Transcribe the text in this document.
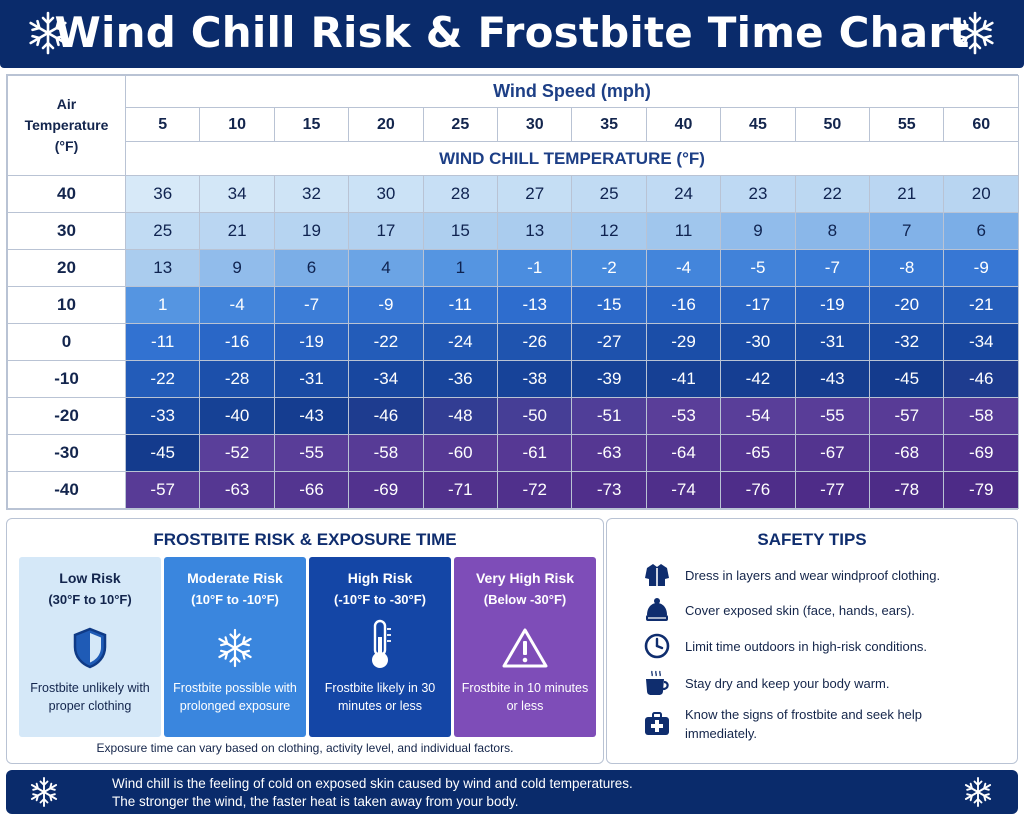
Wind Chill Risk & Frostbite Time Chart
Air
Temperature
(°F)	Wind Speed (mph)											
	5	10	15	20	25	30	35	40	45	50	55	60
	WIND CHILL TEMPERATURE (°F)											
40	36	34	32	30	28	27	25	24	23	22	21	20
30	25	21	19	17	15	13	12	11	9	8	7	6
20	13	9	6	4	1	-1	-2	-4	-5	-7	-8	-9
10	1	-4	-7	-9	-11	-13	-15	-16	-17	-19	-20	-21
0	-11	-16	-19	-22	-24	-26	-27	-29	-30	-31	-32	-34
-10	-22	-28	-31	-34	-36	-38	-39	-41	-42	-43	-45	-46
-20	-33	-40	-43	-46	-48	-50	-51	-53	-54	-55	-57	-58
-30	-45	-52	-55	-58	-60	-61	-63	-64	-65	-67	-68	-69
-40	-57	-63	-66	-69	-71	-72	-73	-74	-76	-77	-78	-79
FROSTBITE RISK & EXPOSURE TIME
Low Risk
(30°F to 10°F)
Frostbite unlikely with proper clothing
Moderate Risk
(10°F to -10°F)
Frostbite possible with prolonged exposure
High Risk
(-10°F to -30°F)
Frostbite likely in 30 minutes or less
Very High Risk
(Below -30°F)
Frostbite in 10 minutes or less
Exposure time can vary based on clothing, activity level, and individual factors.
SAFETY TIPS
Dress in layers and wear windproof clothing.
Cover exposed skin (face, hands, ears).
Limit time outdoors in high-risk conditions.
Stay dry and keep your body warm.
Know the signs of frostbite and seek help immediately.
Wind chill is the feeling of cold on exposed skin caused by wind and cold temperatures.
The stronger the wind, the faster heat is taken away from your body.
